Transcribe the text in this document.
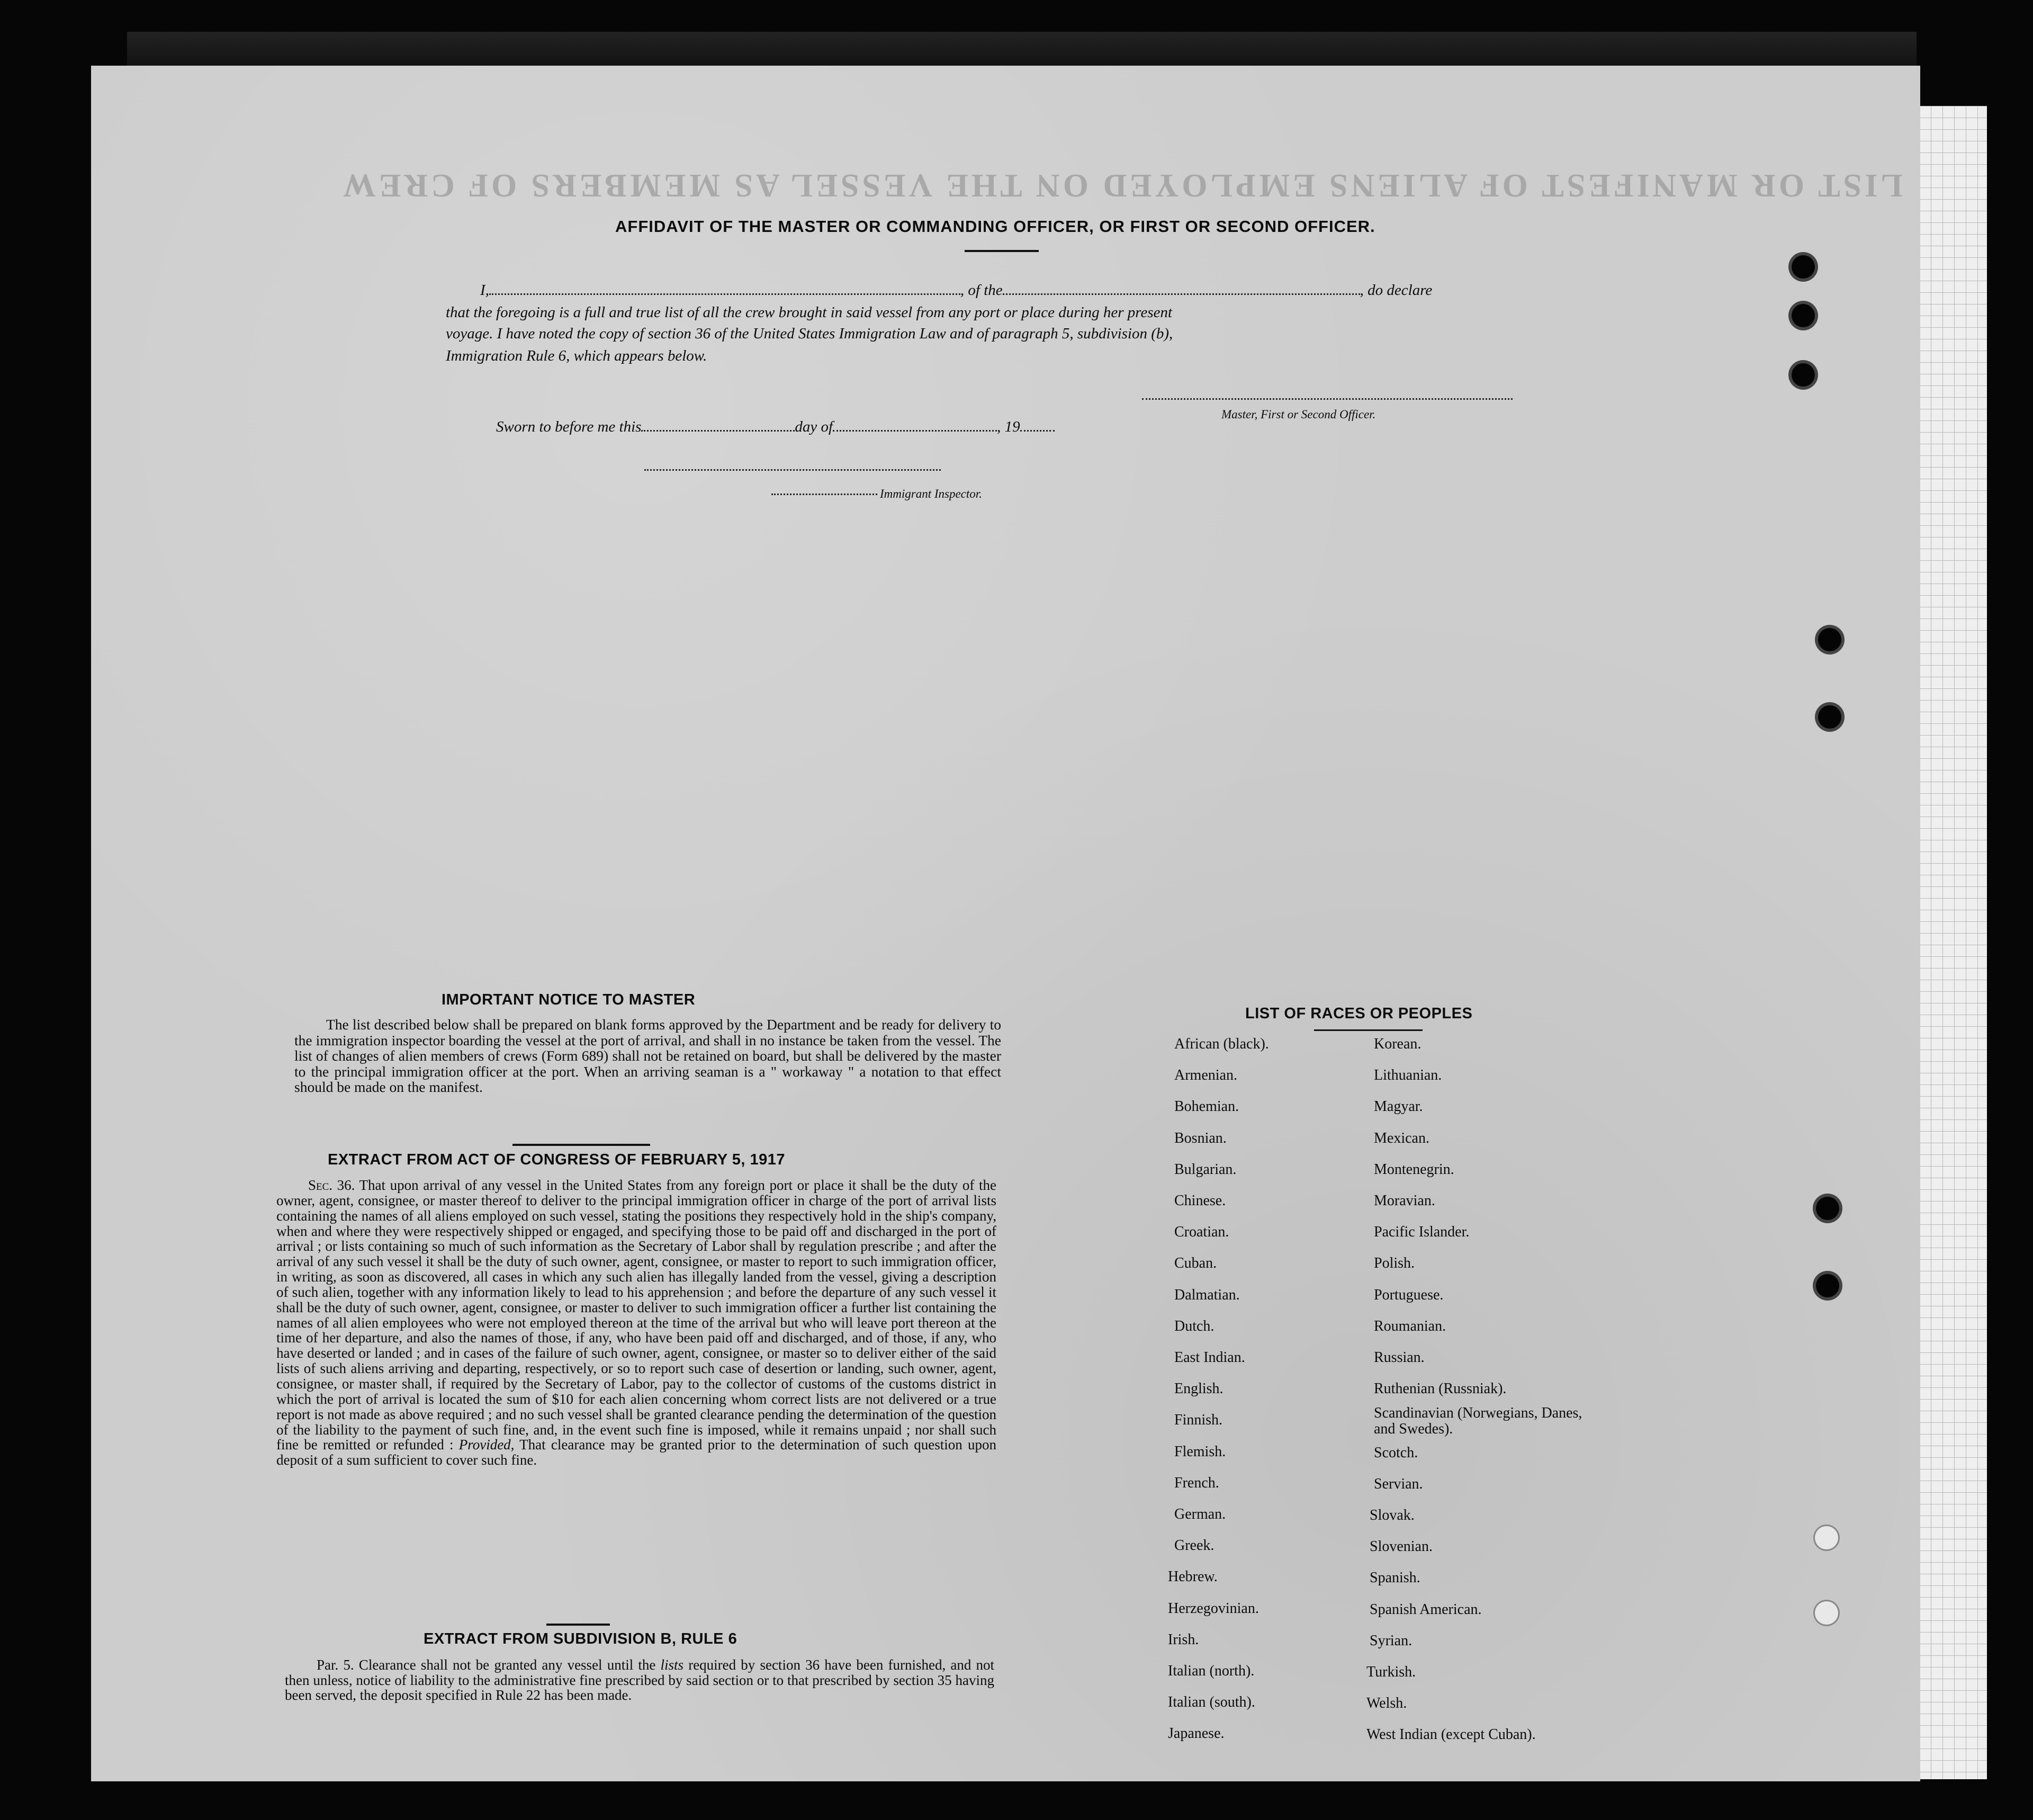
LIST OR MANIFEST OF ALIENS EMPLOYED ON THE VESSEL AS MEMBERS OF CREW
AFFIDAVIT OF THE MASTER OR COMMANDING OFFICER, OR FIRST OR SECOND OFFICER.
I,	, of the	, do declare
that the foregoing is a full and true list of all the crew brought in said vessel from any port or place during her present
voyage. I have noted the copy of section 36 of the United States Immigration Law and of paragraph 5, subdivision (b),
Immigration Rule 6, which appears below.
Master, First or Second Officer.
Sworn to before me this	day of	, 19
Immigrant Inspector.
IMPORTANT NOTICE TO MASTER

The list described below shall be prepared on blank forms approved by the Department and be ready for delivery to the immigration inspector boarding the vessel at the port of arrival, and shall in no instance be taken from the vessel. The list of changes of alien members of crews (Form 689) shall not be retained on board, but shall be delivered by the master to the principal immigration officer at the port. When an arriving seaman is a " workaway " a notation to that effect should be made on the manifest.

EXTRACT FROM ACT OF CONGRESS OF FEBRUARY 5, 1917

Sec. 36. That upon arrival of any vessel in the United States from any foreign port or place it shall be the duty of the owner, agent, consignee, or master thereof to deliver to the principal immigration officer in charge of the port of arrival lists containing the names of all aliens employed on such vessel, stating the positions they respectively hold in the ship's company, when and where they were respectively shipped or engaged, and specifying those to be paid off and discharged in the port of arrival ; or lists containing so much of such information as the Secretary of Labor shall by regulation prescribe ; and after the arrival of any such vessel it shall be the duty of such owner, agent, consignee, or master to report to such immigration officer, in writing, as soon as discovered, all cases in which any such alien has illegally landed from the vessel, giving a description of such alien, together with any information likely to lead to his apprehension ; and before the departure of any such vessel it shall be the duty of such owner, agent, consignee, or master to deliver to such immigration officer a further list containing the names of all alien employees who were not employed thereon at the time of the arrival but who will leave port thereon at the time of her departure, and also the names of those, if any, who have been paid off and discharged, and of those, if any, who have deserted or landed ; and in cases of the failure of such owner, agent, consignee, or master so to deliver either of the said lists of such aliens arriving and departing, respectively, or so to report such case of desertion or landing, such owner, agent, consignee, or master shall, if required by the Secretary of Labor, pay to the collector of customs of the customs district in which the port of arrival is located the sum of $10 for each alien concerning whom correct lists are not delivered or a true report is not made as above required ; and no such vessel shall be granted clearance pending the determination of the question of the liability to the payment of such fine, and, in the event such fine is imposed, while it remains unpaid ; nor shall such fine be remitted or refunded : Provided, That clearance may be granted prior to the determination of such question upon deposit of a sum sufficient to cover such fine.

EXTRACT FROM SUBDIVISION B, RULE 6

Par. 5. Clearance shall not be granted any vessel until the lists required by section 36 have been furnished, and not then unless, notice of liability to the administrative fine prescribed by said section or to that prescribed by section 35 having been served, the deposit specified in Rule 22 has been made.

LIST OF RACES OR PEOPLES
African (black).
Armenian.
Bohemian.
Bosnian.
Bulgarian.
Chinese.
Croatian.
Cuban.
Dalmatian.
Dutch.
East Indian.
English.
Finnish.
Flemish.
French.
German.
Greek.
Hebrew.
Herzegovinian.
Irish.
Italian (north).
Italian (south).
Japanese.
Korean.
Lithuanian.
Magyar.
Mexican.
Montenegrin.
Moravian.
Pacific Islander.
Polish.
Portuguese.
Roumanian.
Russian.
Ruthenian (Russniak).
Scandinavian (Norwegians, Danes, and Swedes).
Scotch.
Servian.
Slovak.
Slovenian.
Spanish.
Spanish American.
Syrian.
Turkish.
Welsh.
West Indian (except Cuban).
